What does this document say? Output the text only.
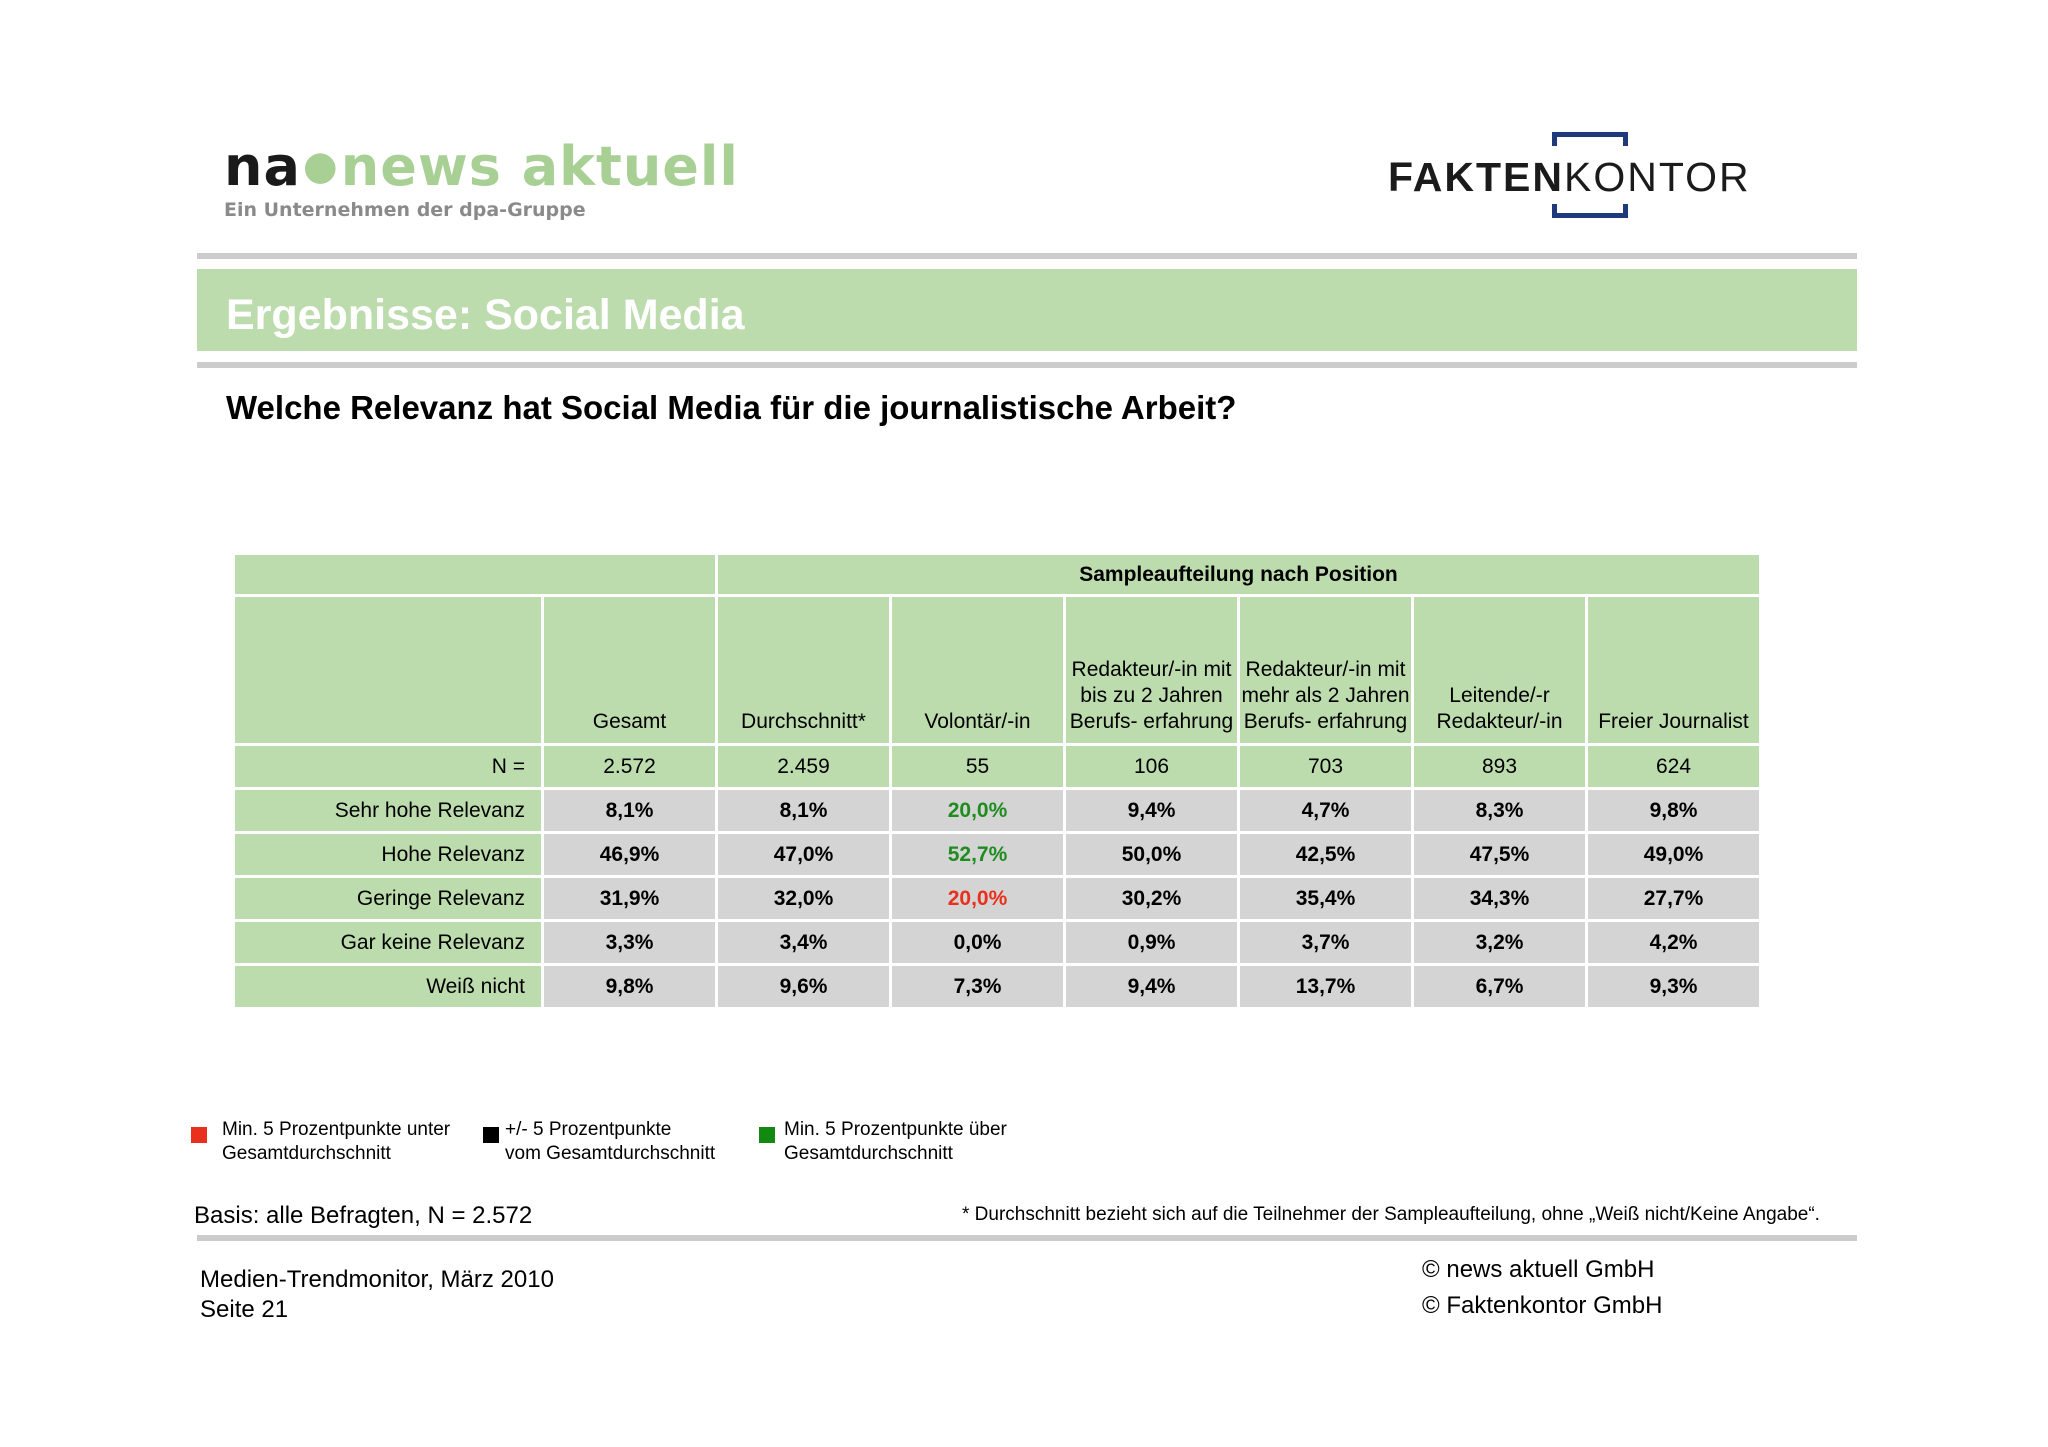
na●news aktuell
Ein Unternehmen der dpa-Gruppe
FAKTENKONTOR
Ergebnisse: Social Media
Welche Relevanz hat Social Media für die journalistische Arbeit?
		Sampleaufteilung nach Position					
	Gesamt	Durchschnitt*	Volontär/-in	Redakteur/-in mit bis zu 2 Jahren Berufs- erfahrung	Redakteur/-in mit mehr als 2 Jahren Berufs- erfahrung	Leitende/-r Redakteur/-in	Freier Journalist
N =	2.572	2.459	55	106	703	893	624
Sehr hohe Relevanz	8,1%	8,1%	20,0%	9,4%	4,7%	8,3%	9,8%
Hohe Relevanz	46,9%	47,0%	52,7%	50,0%	42,5%	47,5%	49,0%
Geringe Relevanz	31,9%	32,0%	20,0%	30,2%	35,4%	34,3%	27,7%
Gar keine Relevanz	3,3%	3,4%	0,0%	0,9%	3,7%	3,2%	4,2%
Weiß nicht	9,8%	9,6%	7,3%	9,4%	13,7%	6,7%	9,3%
Min. 5 Prozentpunkte unter
Gesamtdurchschnitt
+/- 5 Prozentpunkte
vom Gesamtdurchschnitt
Min. 5 Prozentpunkte über
Gesamtdurchschnitt
Basis: alle Befragten, N = 2.572	* Durchschnitt bezieht sich auf die Teilnehmer der Sampleaufteilung, ohne „Weiß nicht/Keine Angabe“.
Medien-Trendmonitor, März 2010
Seite 21
© news aktuell GmbH
© Faktenkontor GmbH
